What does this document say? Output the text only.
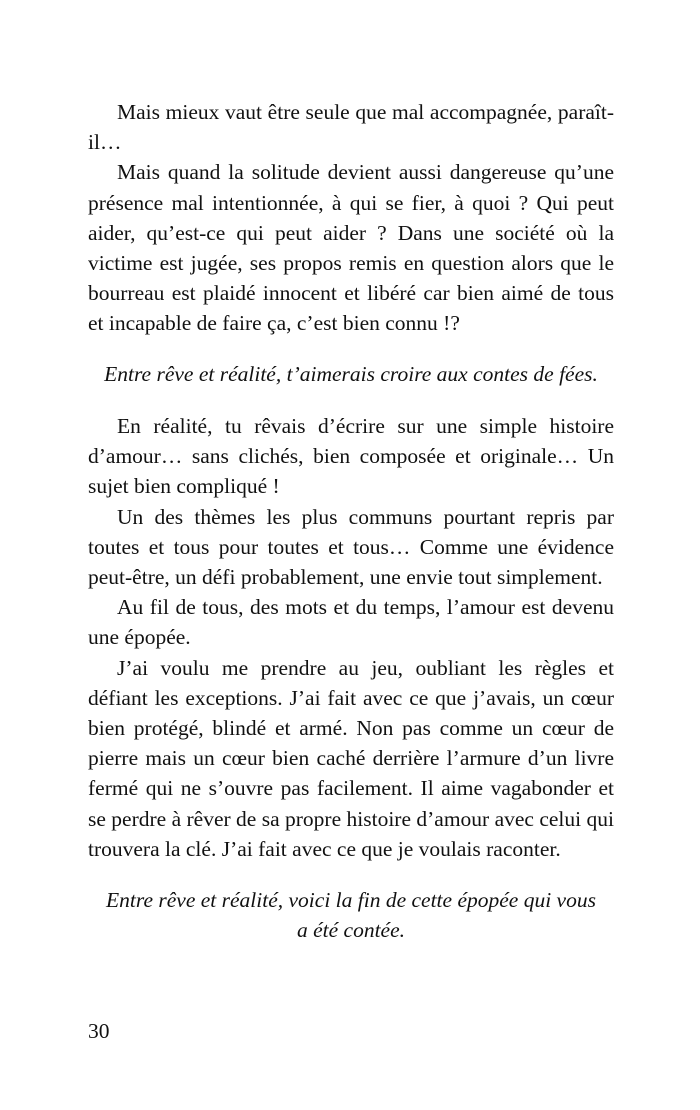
Mais mieux vaut être seule que mal accompagnée, paraît-il…

Mais quand la solitude devient aussi dangereuse qu’une présence mal intentionnée, à qui se fier, à quoi ? Qui peut aider, qu’est-ce qui peut aider ? Dans une société où la victime est jugée, ses propos remis en question alors que le bourreau est plaidé innocent et libéré car bien aimé de tous et incapable de faire ça, c’est bien connu !?

Entre rêve et réalité, t’aimerais croire aux contes de fées.

En réalité, tu rêvais d’écrire sur une simple histoire d’amour… sans clichés, bien composée et originale… Un sujet bien compliqué !

Un des thèmes les plus communs pourtant repris par toutes et tous pour toutes et tous… Comme une évidence peut-être, un défi probablement, une envie tout simplement.

Au fil de tous, des mots et du temps, l’amour est devenu une épopée.

J’ai voulu me prendre au jeu, oubliant les règles et défiant les exceptions. J’ai fait avec ce que j’avais, un cœur bien protégé, blindé et armé. Non pas comme un cœur de pierre mais un cœur bien caché derrière l’armure d’un livre fermé qui ne s’ouvre pas facilement. Il aime vagabonder et se perdre à rêver de sa propre histoire d’amour avec celui qui trouvera la clé. J’ai fait avec ce que je voulais raconter.

Entre rêve et réalité, voici la fin de cette épopée qui vous
a été contée.

30
